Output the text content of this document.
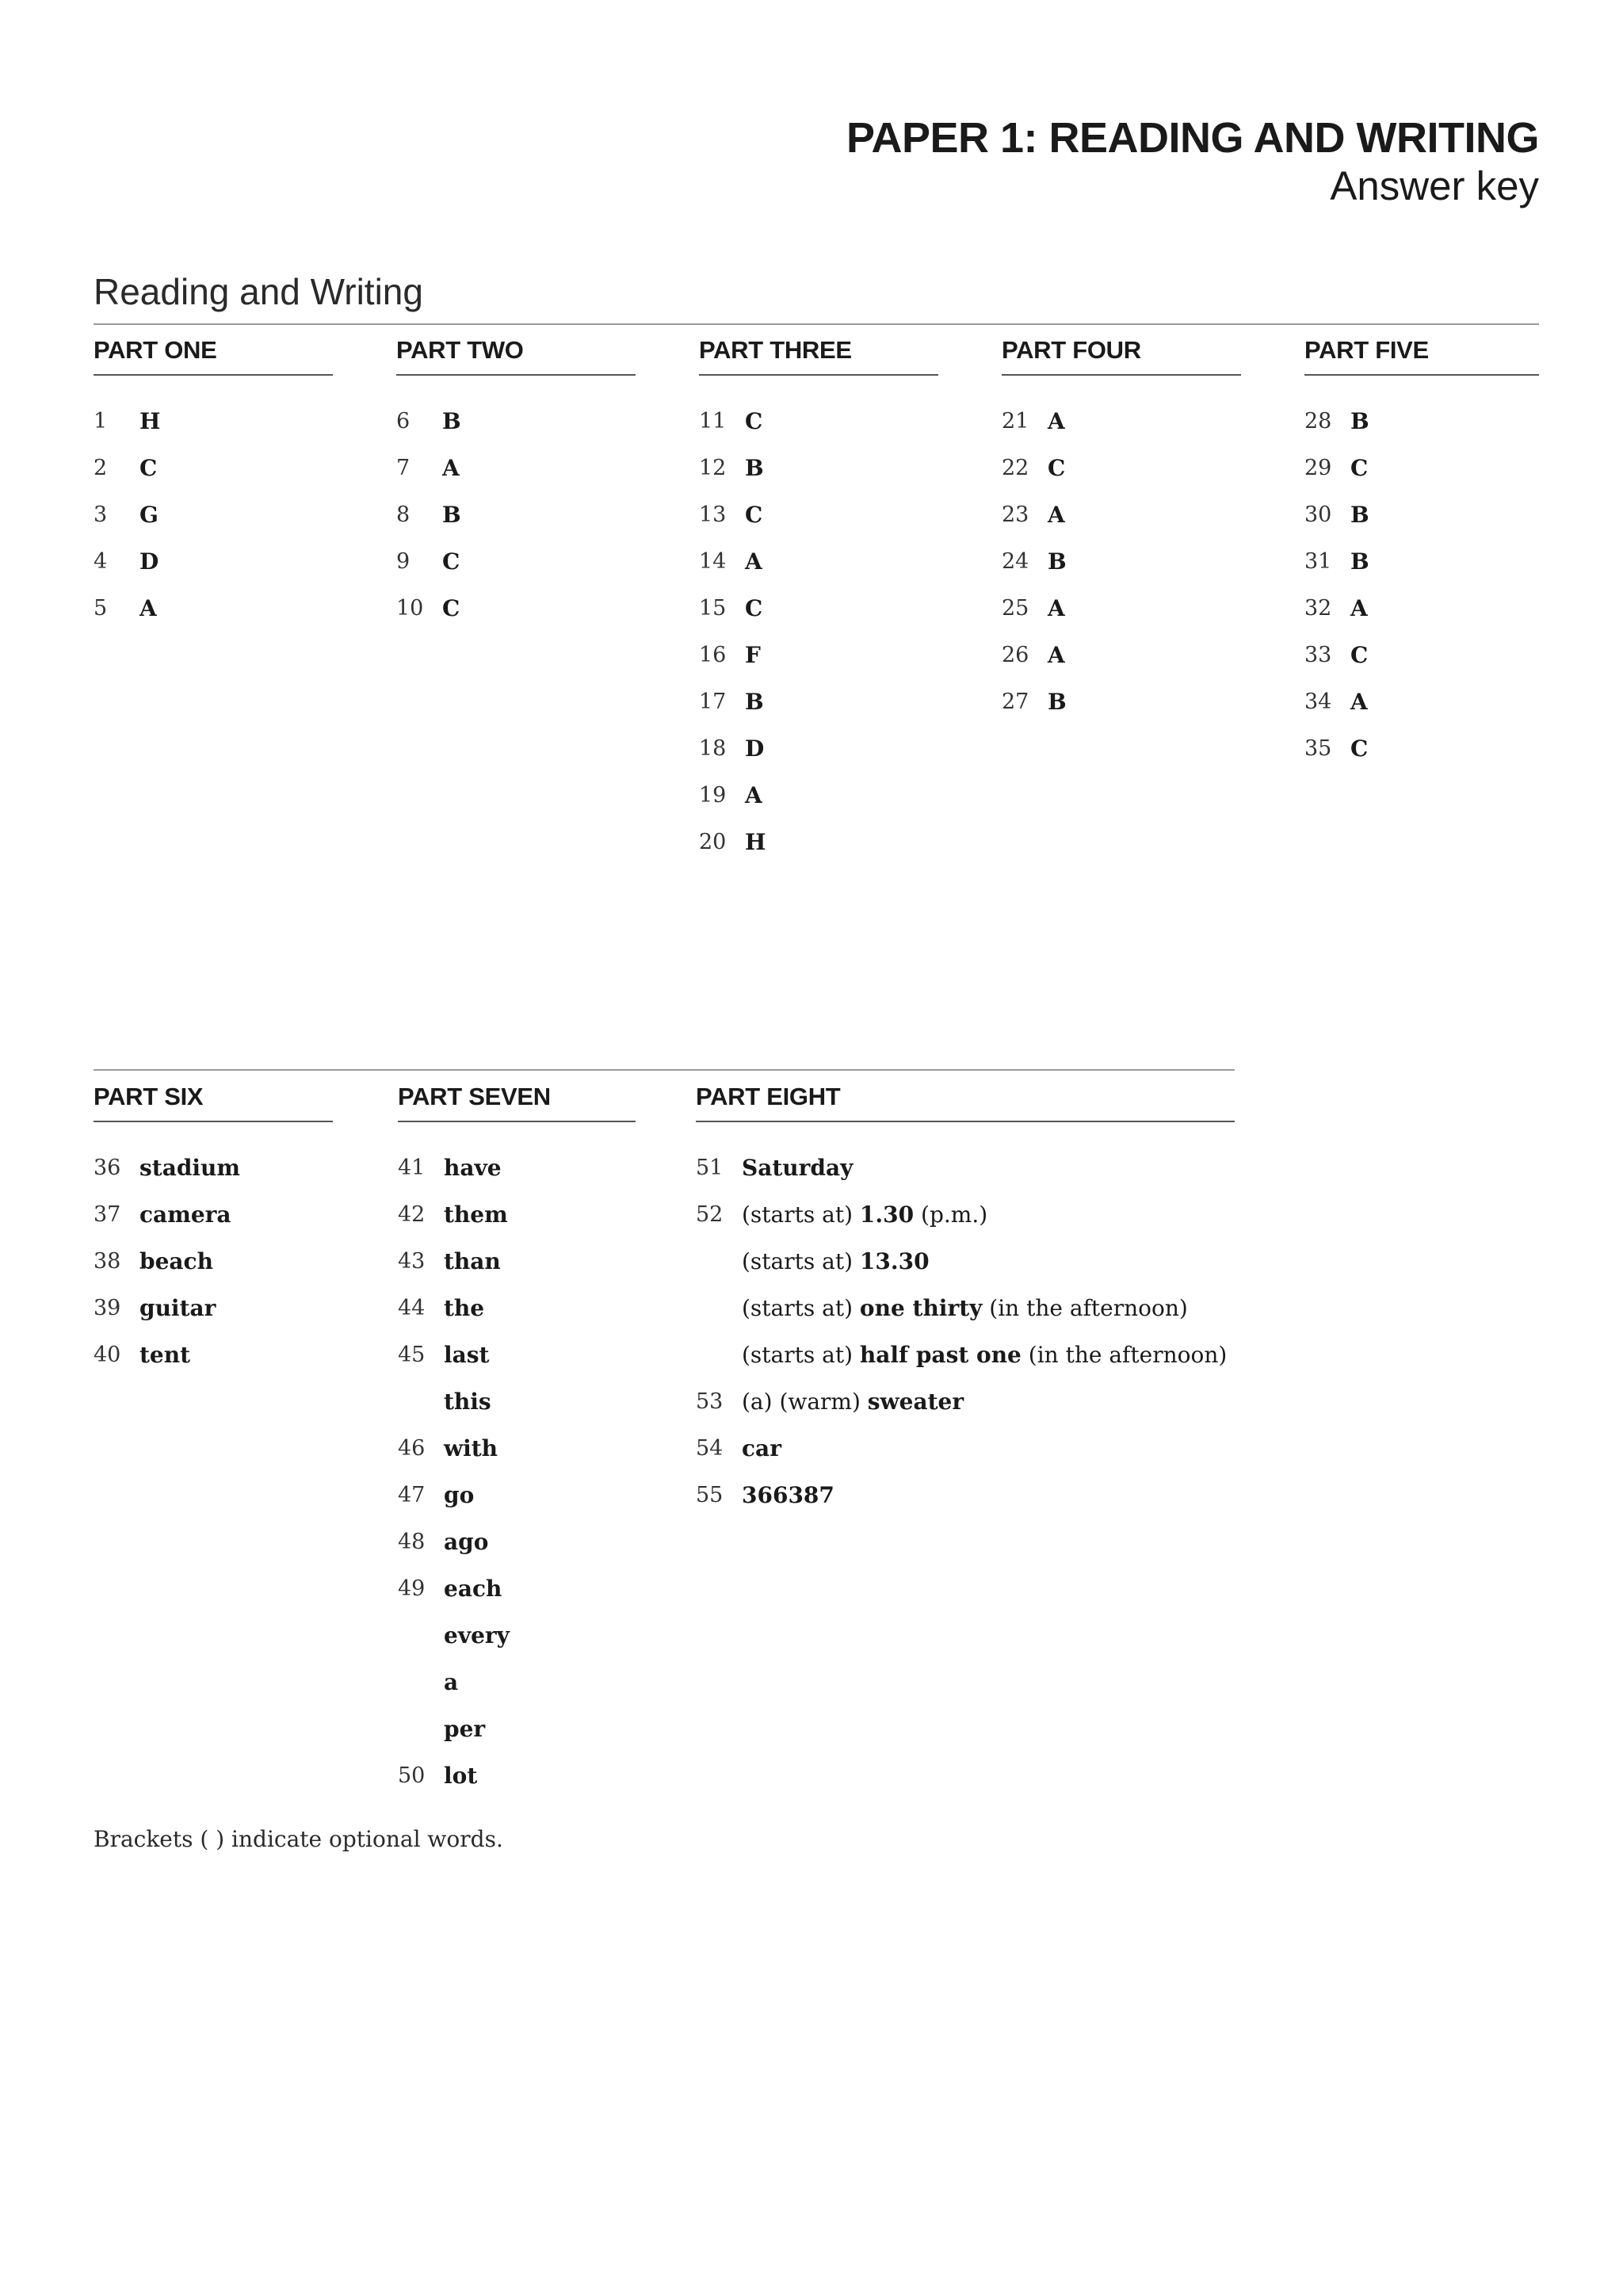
PAPER 1: READING AND WRITING
Answer key
Reading and Writing
PART ONE
1	H
2	C
3	G
4	D
5	A
PART TWO
6	B
7	A
8	B
9	C
10 C
PART THREE
11 C
12 B
13 C
14 A
15 C
16 F
17 B
18 D
19 A
20 H
PART FOUR
21 A
22 C
23 A
24 B
25 A
26 A
27 B
PART FIVE
28 B
29 C
30 B
31 B
32 A
33 C
34 A
35 C
PART SIX
36 stadium
37 camera
38 beach
39 guitar
40 tent
PART SEVEN
41 have
42 them
43 than
44 the
45 last
this
46 with
47 go
48 ago
49 each
every
a
per
50 lot
PART EIGHT
51 Saturday
52 (starts at) 1.30 (p.m.)
(starts at) 13.30
(starts at) one thirty (in the afternoon)
(starts at) half past one (in the afternoon)
53 (a) (warm) sweater
54 car
55 366387
Brackets ( ) indicate optional words.
